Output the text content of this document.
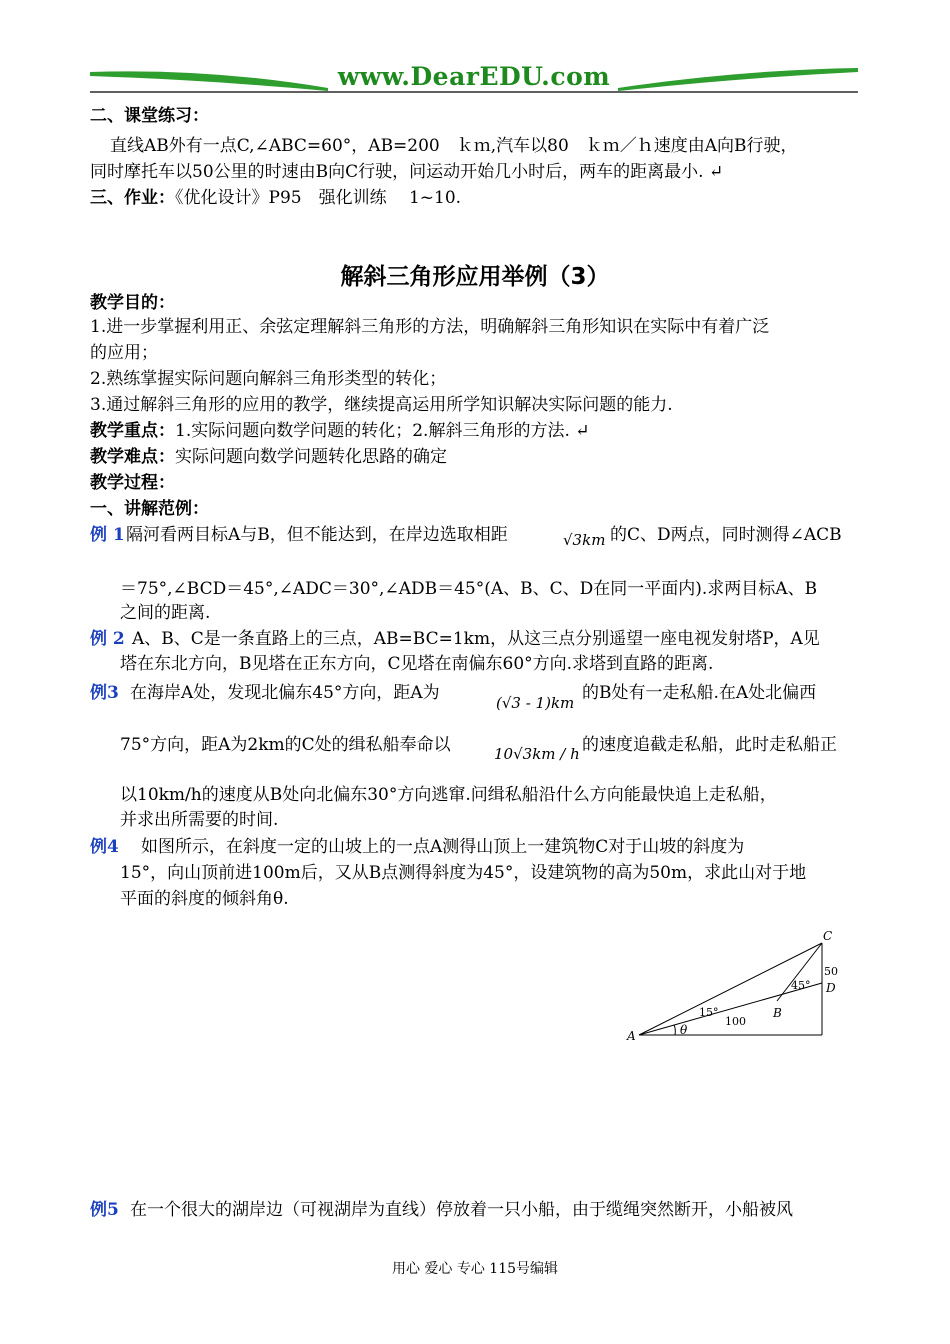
www.DearEDU.com
二、课堂练习：
直线AB外有一点C,∠ABC=60°，AB=200　ｋｍ,汽车以80　ｋｍ／ｈ速度由A向B行驶，
同时摩托车以50公里的时速由B向C行驶，问运动开始几小时后，两车的距离最小. ↵
三、作业：《优化设计》P95　强化训练　 1~10.
解斜三角形应用举例（3）
教学目的：
1.进一步掌握利用正、余弦定理解斜三角形的方法，明确解斜三角形知识在实际中有着广泛
的应用；
2.熟练掌握实际问题向解斜三角形类型的转化；
3.通过解斜三角形的应用的教学，继续提高运用所学知识解决实际问题的能力.
教学重点：1.实际问题向数学问题的转化；2.解斜三角形的方法. ↵
教学难点：实际问题向数学问题转化思路的确定
教学过程：
一、讲解范例：
例 1 隔河看两目标A与B，但不能达到，在岸边选取相距	√3km 的C、D两点，同时测得∠ACB
＝75°,∠BCD＝45°,∠ADC＝30°,∠ADB＝45°(A、B、C、D在同一平面内).求两目标A、B
之间的距离.
例 2 A、B、C是一条直路上的三点，AB=BC=1km，从这三点分别遥望一座电视发射塔P，A见
塔在东北方向，B见塔在正东方向，C见塔在南偏东60°方向.求塔到直路的距离.
例3 在海岸A处，发现北偏东45°方向，距A为	(√3 - 1)km 的B处有一走私船.在A处北偏西
75°方向，距A为2km的C处的缉私船奉命以	10√3km / h 的速度追截走私船，此时走私船正
以10km/h的速度从B处向北偏东30°方向逃窜.问缉私船沿什么方向能最快追上走私船，
并求出所需要的时间.
例4 　如图所示，在斜度一定的山坡上的一点A测得山顶上一建筑物C对于山坡的斜度为
15°，向山顶前进100m后，又从B点测得斜度为45°，设建筑物的高为50m，求此山对于地
平面的斜度的倾斜角θ.
A
B
C
D
θ
15°
45°
100
50
例5 在一个很大的湖岸边（可视湖岸为直线）停放着一只小船，由于缆绳突然断开，小船被风
用心 爱心 专心 115号编辑
